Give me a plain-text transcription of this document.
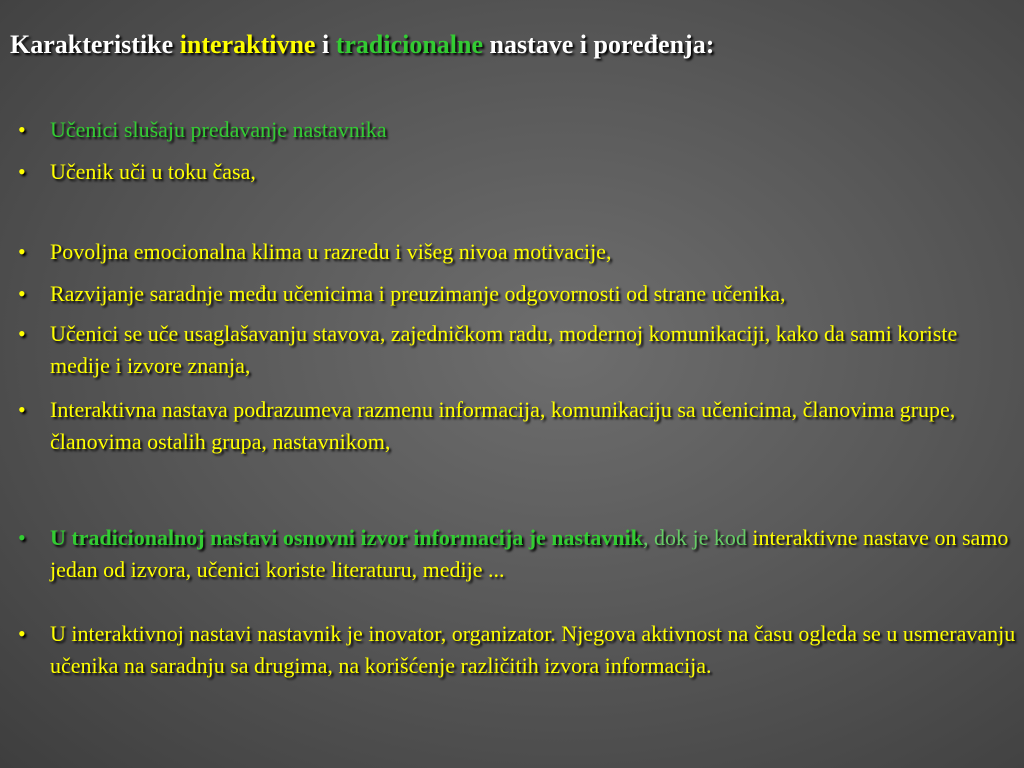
Karakteristike interaktivne i tradicionalne nastave i poređenja:
• Učenici slušaju predavanje nastavnika
• Učenik uči u toku časa,
• Povoljna emocionalna klima u razredu i višeg nivoa motivacije,
• Razvijanje saradnje među učenicima i preuzimanje odgovornosti od strane učenika,
• Učenici se uče usaglašavanju stavova, zajedničkom radu, modernoj komunikaciji, kako da sami koriste medije i izvore znanja,
• Interaktivna nastava podrazumeva razmenu informacija, komunikaciju sa učenicima, članovima grupe, članovima ostalih grupa, nastavnikom,
• U tradicionalnoj nastavi osnovni izvor informacija je nastavnik, dok je kod interaktivne nastave on samo jedan od izvora, učenici koriste literaturu, medije ...
• U interaktivnoj nastavi nastavnik je inovator, organizator. Njegova aktivnost na času ogleda se u usmeravanju učenika na saradnju sa drugima, na korišćenje različitih izvora informacija.
